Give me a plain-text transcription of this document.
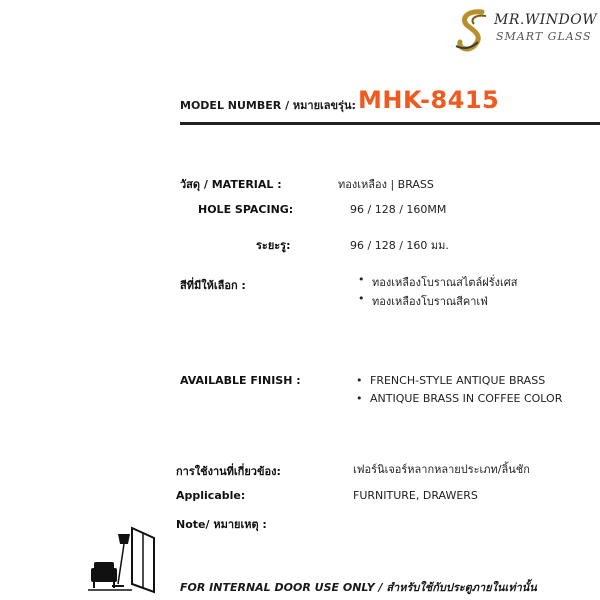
MR.WINDOW
SMART GLASS
MODEL NUMBER / หมายเลขรุ่น: MHK-8415
วัสดุ / MATERIAL :	ทองเหลือง | BRASS
HOLE SPACING:	96 / 128 / 160MM
ระยะรู:	96 / 128 / 160 มม.
สีที่มีให้เลือก :	• ทองเหลืองโบราณสไตล์ฝรั่งเศส
• ทองเหลืองโบราณสีคาเฟ่
AVAILABLE FINISH :	• FRENCH-STYLE ANTIQUE BRASS
• ANTIQUE BRASS IN COFFEE COLOR
การใช้งานที่เกี่ยวข้อง:	เฟอร์นิเจอร์หลากหลายประเภท/ลิ้นชัก
Applicable:	FURNITURE, DRAWERS
Note/ หมายเหตุ :
FOR INTERNAL DOOR USE ONLY / สำหรับใช้กับประตูภายในเท่านั้น
